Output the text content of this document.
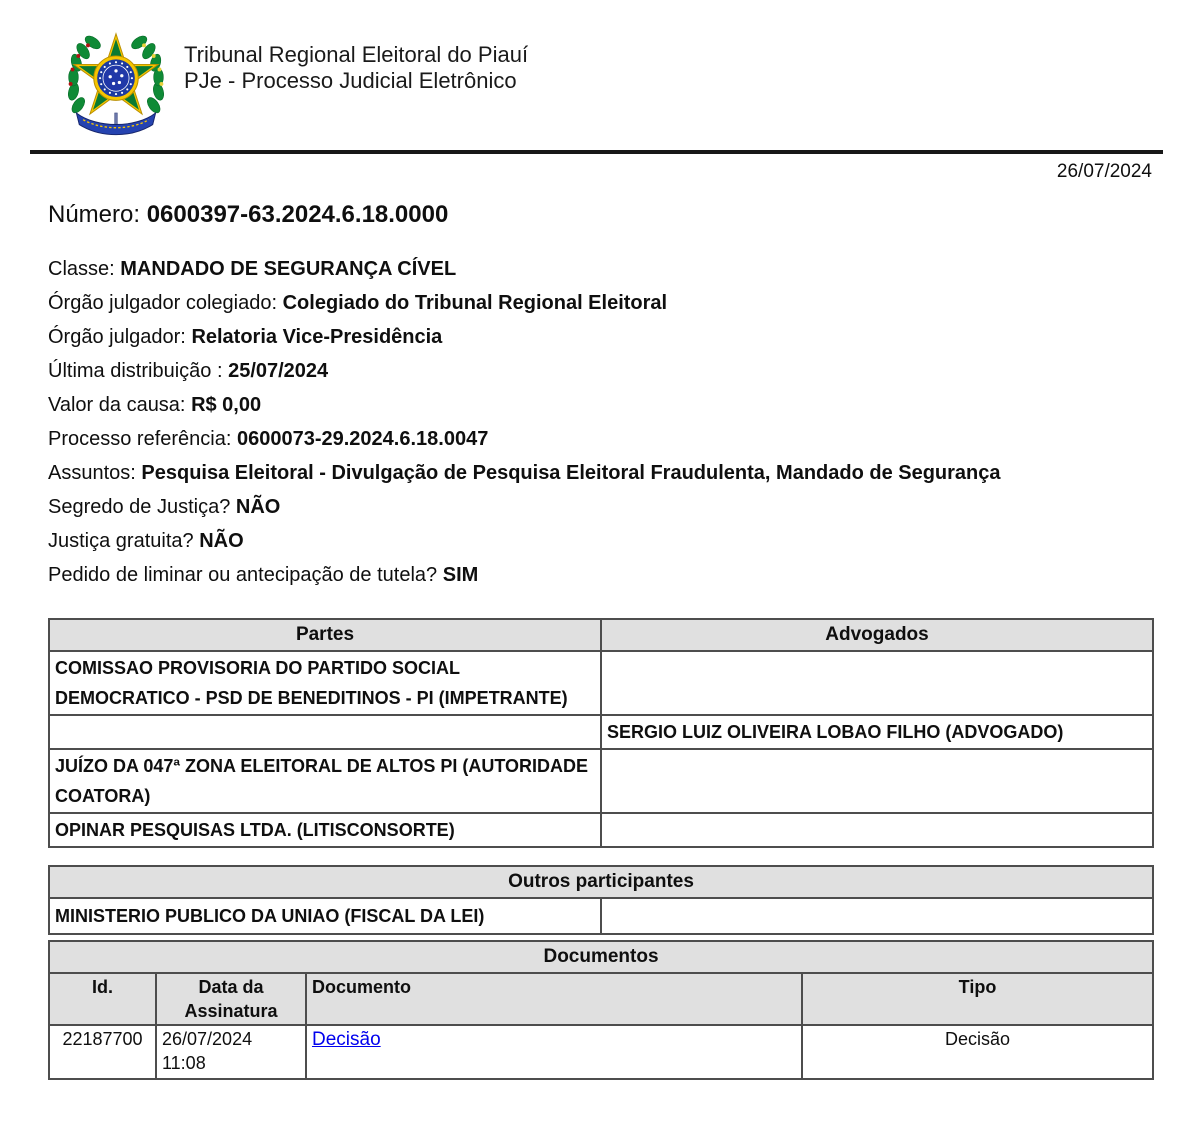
Tribunal Regional Eleitoral do Piauí
PJe - Processo Judicial Eletrônico
26/07/2024
Número: 0600397-63.2024.6.18.0000
Classe: MANDADO DE SEGURANÇA CÍVEL
Órgão julgador colegiado: Colegiado do Tribunal Regional Eleitoral
Órgão julgador: Relatoria Vice-Presidência
Última distribuição : 25/07/2024
Valor da causa: R$ 0,00
Processo referência: 0600073-29.2024.6.18.0047
Assuntos: Pesquisa Eleitoral - Divulgação de Pesquisa Eleitoral Fraudulenta, Mandado de Segurança
Segredo de Justiça? NÃO
Justiça gratuita? NÃO
Pedido de liminar ou antecipação de tutela? SIM
Partes	Advogados
COMISSAO PROVISORIA DO PARTIDO SOCIAL DEMOCRATICO - PSD DE BENEDITINOS - PI (IMPETRANTE)	
	SERGIO LUIZ OLIVEIRA LOBAO FILHO (ADVOGADO)
JUÍZO DA 047ª ZONA ELEITORAL DE ALTOS PI (AUTORIDADE COATORA)	
OPINAR PESQUISAS LTDA. (LITISCONSORTE)	
Outros participantes
MINISTERIO PUBLICO DA UNIAO (FISCAL DA LEI)	
Documentos			
Id.	Data da Assinatura	Documento	Tipo
22187700	26/07/2024 11:08	Decisão	Decisão
